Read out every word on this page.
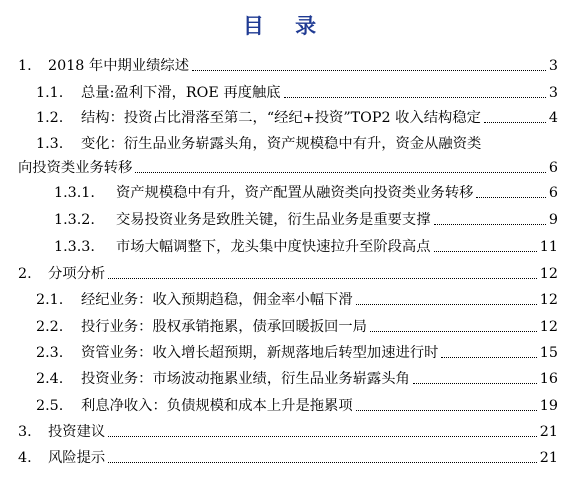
目 录
1.	2018 年中期业绩综述	3
1.1.	总量:盈利下滑，ROE 再度触底	3
1.2.	结构：投资占比滑落至第二，“经纪+投资”TOP2 收入结构稳定	4
1.3.	变化：衍生品业务崭露头角，资产规模稳中有升，资金从融资类
向投资类业务转移	6
1.3.1.	资产规模稳中有升，资产配置从融资类向投资类业务转移	6
1.3.2.	交易投资业务是致胜关键，衍生品业务是重要支撑	9
1.3.3.	市场大幅调整下，龙头集中度快速拉升至阶段高点	11
2.	分项分析	12
2.1.	经纪业务：收入预期趋稳，佣金率小幅下滑	12
2.2.	投行业务：股权承销拖累，债承回暖扳回一局	12
2.3.	资管业务：收入增长超预期，新规落地后转型加速进行时	15
2.4.	投资业务：市场波动拖累业绩，衍生品业务崭露头角	16
2.5.	利息净收入：负债规模和成本上升是拖累项	19
3.	投资建议	21
4.	风险提示	21
